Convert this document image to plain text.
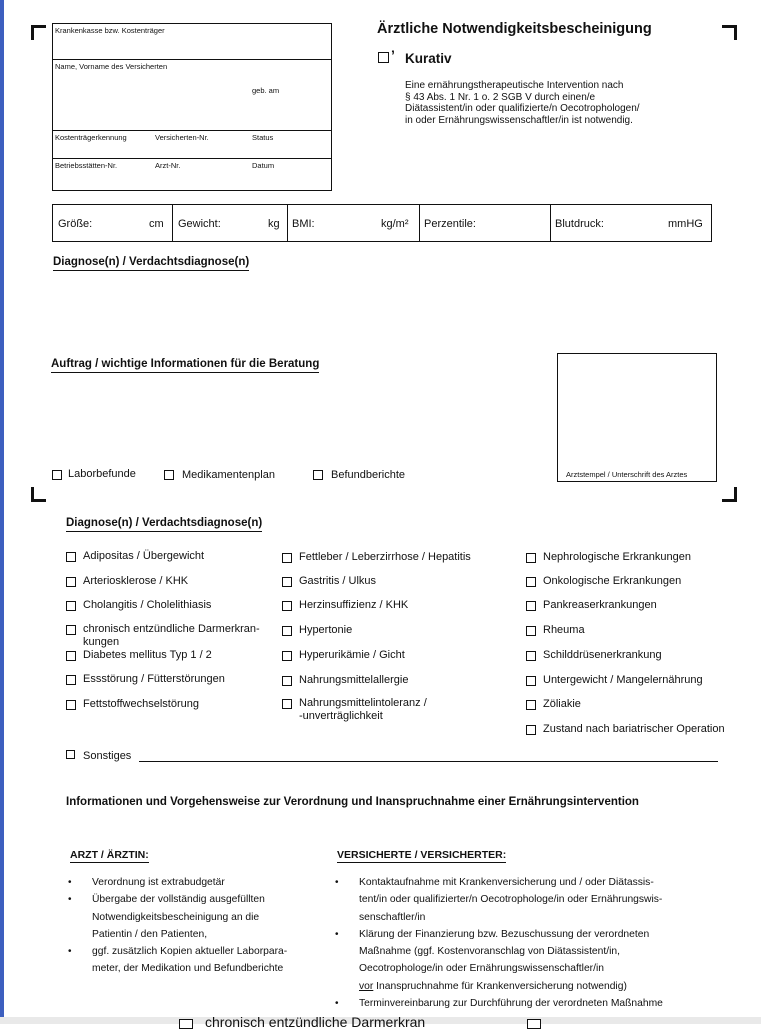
Krankenkasse bzw. Kostenträger
Name, Vorname des Versicherten
geb. am
Kostenträgerkennung	Versicherten-Nr.	Status
Betriebsstätten-Nr.	Arzt-Nr.	Datum
Ärztliche Notwendigkeitsbescheinigung
’ Kurativ
Eine ernährungstherapeutische Intervention nach
§ 43 Abs. 1 Nr. 1 o. 2 SGB V durch einen/e
Diätassistent/in oder qualifizierte/n Oecotrophologen/
in oder Ernährungswissenschaftler/in ist notwendig.
Größe:	cm Gewicht:	kg BMI:	kg/m² Perzentile:	Blutdruck:	mmHG
Diagnose(n) / Verdachtsdiagnose(n)
Auftrag / wichtige Informationen für die Beratung
Arztstempel / Unterschrift des Arztes
Laborbefunde	Medikamentenplan	Befundberichte
Diagnose(n) / Verdachtsdiagnose(n)
Adipositas / Übergewicht
Arteriosklerose / KHK
Cholangitis / Cholelithiasis
chronisch entzündliche Darmerkran-
kungen
Diabetes mellitus Typ 1 / 2
Essstörung / Fütterstörungen
Fettstoffwechselstörung
Fettleber / Leberzirrhose / Hepatitis
Gastritis / Ulkus
Herzinsuffizienz / KHK
Hypertonie
Hyperurikämie / Gicht
Nahrungsmittelallergie
Nahrungsmittelintoleranz /
-unverträglichkeit
Nephrologische Erkrankungen
Onkologische Erkrankungen
Pankreaserkrankungen
Rheuma
Schilddrüsenerkrankung
Untergewicht / Mangelernährung
Zöliakie
Zustand nach bariatrischer Operation
Sonstiges
Informationen und Vorgehensweise zur Verordnung und Inanspruchnahme einer Ernährungsintervention
ARZT / ÄRZTIN:
• Verordnung ist extrabudgetär
• Übergabe der vollständig ausgefüllten
Notwendigkeitsbescheinigung an die
Patientin / den Patienten,
• ggf. zusätzlich Kopien aktueller Laborpara-
meter, der Medikation und Befundberichte
VERSICHERTE / VERSICHERTER:
• Kontaktaufnahme mit Krankenversicherung und / oder Diätassis-
tent/in oder qualifizierter/n Oecotrophologe/in oder Ernährungswis-
senschaftler/in
• Klärung der Finanzierung bzw. Bezuschussung der verordneten
Maßnahme (ggf. Kostenvoranschlag von Diätassistent/in,
Oecotrophologe/in oder Ernährungswissenschaftler/in
vor Inanspruchnahme für Krankenversicherung notwendig)
• Terminvereinbarung zur Durchführung der verordneten Maßnahme
chronisch entzündliche Darmerkran
